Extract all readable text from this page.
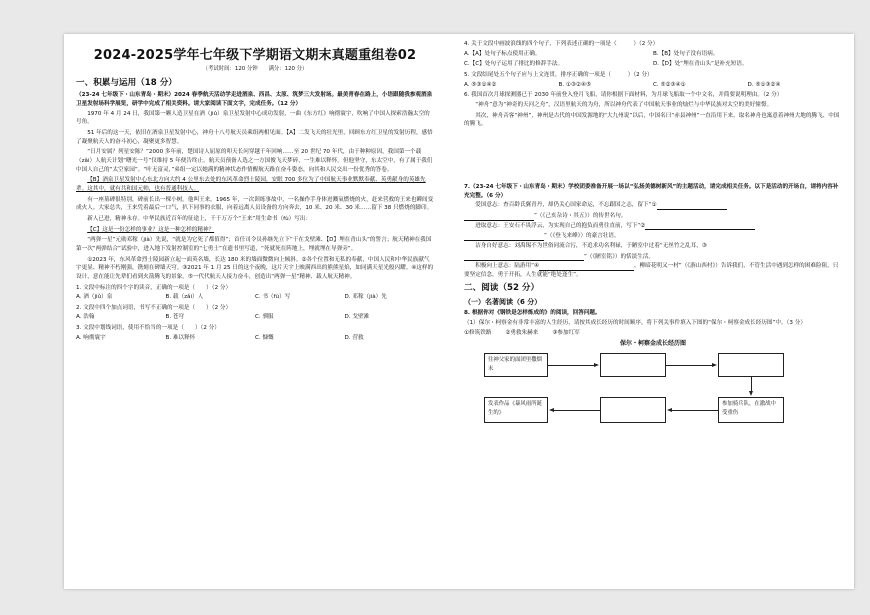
2024-2025学年七年级下学期语文期末真题重组卷02
（考试时间：120 分钟　　满分：120 分）
一、积累与运用（18 分）
（23-24 七年级下・山东青岛・期末）2024 春季航天活动学走进酒泉、西昌、太原、筑梦三大发射场。最美青春在路上，小语跟随我参观酒泉卫星发射场科学展览，研学中完成了相关资料。请大家阅读下面文字，完成任务。（12 分）

1970 年 4 月 24 日，我国第一颗人造卫星在酒（jiǔ）泉卫星发射中心成功发射，一曲《东方红》响彻寰宇，吹响了中国人探索浩瀚太空的号角。

51 年后的这一天，依旧在酒泉卫星发射中心，神舟十八号航天员乘组两相见面。【A】二发飞天的壮光里，回顾东方红卫星的发射历程，感悟了凝聚航天人的奋斗初心，凝聚更多智慧。

“日月安属？列星安陈？”2000 多年前，楚国诗人屈原的叩天长问穿越千年回响……至 20 世纪 70 年代，由于种种原因，我国第一个载（zǎi）人航天计划“曙光一号”仅维持 5 年便告终止。航天员预备人选之一方国俊飞天梦碎，一生难以释怀。但他坚守，东太空中，有了属于我们中国人自己的“太空家园”。“叶无富灵，”弟组一定以她满的精神状态作情醒航天路在奋斗姿态，向其和人民交出一份优秀的答卷。

【B】酒泉卫星发射中心东北方向大约 4 公里东去处的东风革命烈士陵园，安眠 700 多位为了中国航天事业默默奉献、英勇献身的英雄先辈。这其中，就有共和国元帅，也有普通科技人。

有一座墓碑很特别，碑前长出一棵小树。他叫王来。1965 年，一次训练事故中，一名操作手身体迸溅氧燃烧的火，赶来营救的王来也瞬间变成火人。大家总共，王来凭着最后一口气，扒下同事的衣服，向着远离人员设备的方向奔去，10 米、20 米、30 米……留下 38 只燃烧的脚印。

新人已进，精神永存。中华民族近百年的征途上，千千万万个“王来”用生命书（fù）写出：

【C】这是一份怎样的事业？这是一种怎样的精神？

“两弹一星”元勋邓稼（jià）先说，“就是为它死了都值得”；首任司令员孙继先立下“干在戈壁滩、【D】埋在青山头”的誓言；航天精神在我国第一次“两弹结合”试验中，进入地下发射控制室的“七勇士”在遗书里写道，“死就死在阵地上，埋就埋在导弹旁”。

①2023 年，东风革命烈士陵园新立起一面英名墙，长达 180 米的墙面微微向上倾斜。②各个位置和无私的奉献，中国人民和中华民族献气宇更显、精神不朽刚强，镌刻在碑墙天穹。③2021 年 1 月 25 日的这个夜晚，这片天宇上映满西出的熊熊星焰，如同满天星光般闪耀。④这样的设计，意在能让先辈们看到火箭腾飞的景象。⑤一代代航天人接力奋斗，创造出“两弹一星”精神、载人航天精神。

1. 文段中标注的四个字的读音，正确的一项是（　　）（2 分）
A. 酒（jiǔ）泉	B. 载（zǎi）人	C. 书（fù）写	D. 邓稼（jià）先
2. 文段中四个加点词语，书写不正确的一项是（　　）（2 分）
A. 浩翰	B. 苍穹	C. 驯服	D. 戈壁滩
3. 文段中划线词语，使用不恰当的一项是（　　）（2 分）
A. 响彻寰宇	B. 难以释怀	C. 慷慨	D. 营救
4. 关于文段中画波浪线的四个句子，下列表述正确的一项是（　　　）（2 分）
A.【A】处句子标点使用正确。	B.【B】处句子没有语病。
C.【C】处句子运用了排比的修辞手法。	D.【D】处“埋在青山头”是补充短语。
5. 文段结尾处五个句子应与上文连贯，排序正确的一项是（　　　）（2 分）
A. ⑤③①④②	B. ①③②④⑤	C. ⑤②③④①	D. ⑤①③②④
6. 我国首次月球探测器已于 2030 年前登入登月飞船，请你根据下面材料，为月球飞船取一个中文名，并简要说明理由。（2 分）

“神舟”意为“神奇的天河之舟”，汉语里航天的为舟，所以神舟代表了中国航天事业的灿烂与中华民族对太空的美好憧憬。

其次，神舟音客“神州”，神州是古代的中国发源地的“大九州说”以后，中国名曰“赤县神州”一直沿用下来，取名神舟也寓意着神州大地的腾飞、中国的腾飞。

7.（23-24 七年级下・山东青岛・期末）学校团委准备开展一场以“弘扬美德树新风”的主题活动，请完成相关任务。以下是活动的开场白，请将内容补充完整。（6 分）

爱国意志：查百龄氏翼青丹，却仍关心国家命运，不忘跟国之志，留下“①

”（《己亥杂诗・其五》）的传世名句。

进取意志：王安石不畏浮云，为实现自己的抱负而勇往直前，写下“②

”（《登飞来峰》）的豪言壮语。

洁身自好意志：刘禹锡不为世俗同流合污，不追求功名利禄，于陋室中过着“无丝竹之乱耳，③

”（《陋室铭》）的恬淡生活。

积极向上意志：陆游用“④	，柳暗花明又一村”（《游山西村》）告诉我们，不管生活中遇到怎样的困难险阻，只要坚定信念，勇于开拓，人生就能“绝处逢生”。

二、阅读（52 分）
（一）名著阅读（6 分）
8. 根据你对《钢铁是怎样炼成的》的阅读，回答问题。
（1）保尔・柯察金有非常丰富的人生经历，请按其成长经历的时间顺序，将下列关事件填入下图的“保尔・柯察金成长经历图”中。（3 分）
①修筑铁路	②勇救朱赫来	③参加红军
保尔・柯察金成长经历图
往神父家的面团里撒烟末
参加骑兵队，在激战中受重伤
发表作品《暴风雨所诞生的》
